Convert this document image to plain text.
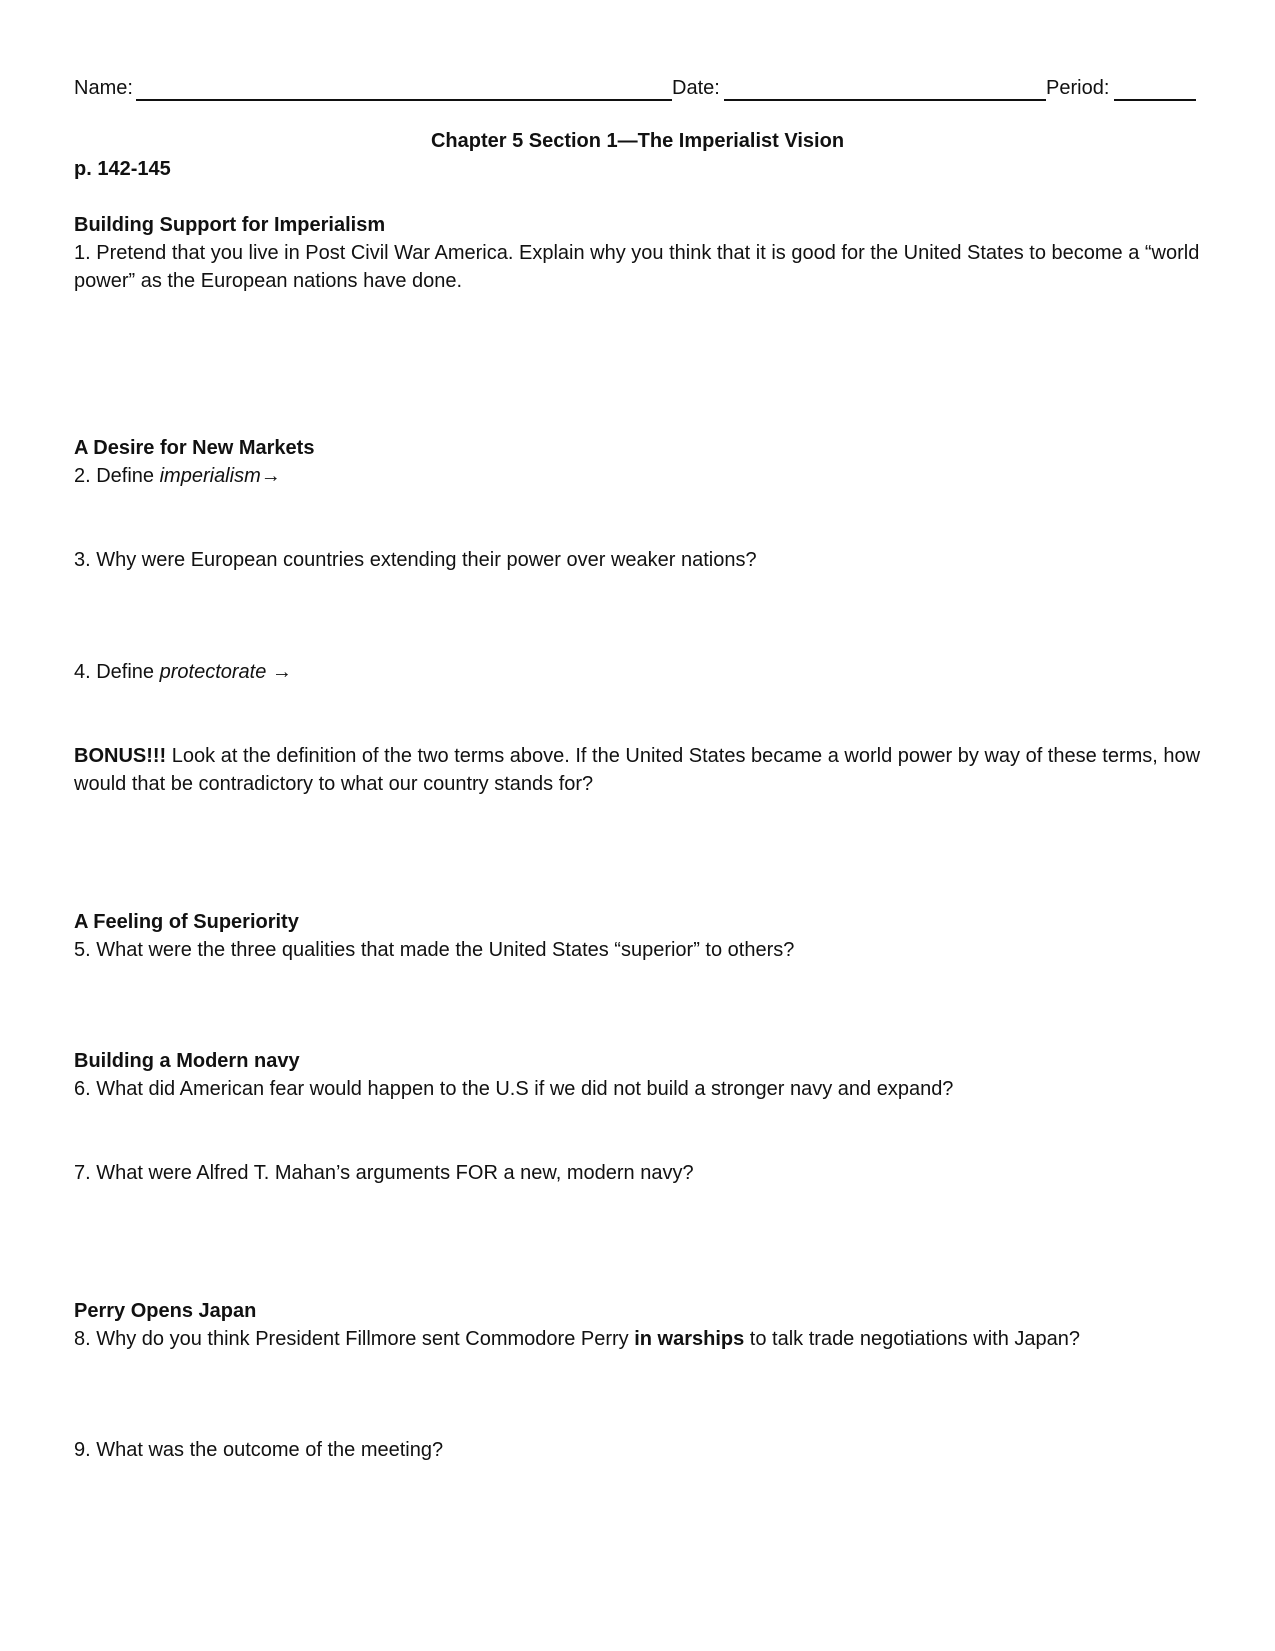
Name:	Date:	Period:
Chapter 5 Section 1—The Imperialist Vision
p. 142-145
Building Support for Imperialism
1. Pretend that you live in Post Civil War America. Explain why you think that it is good for the United States to become a “world power” as the European nations have done.
A Desire for New Markets
2. Define imperialism→
3. Why were European countries extending their power over weaker nations?
4. Define protectorate →
BONUS!!! Look at the definition of the two terms above. If the United States became a world power by way of these terms, how would that be contradictory to what our country stands for?
A Feeling of Superiority
5. What were the three qualities that made the United States “superior” to others?
Building a Modern navy
6. What did American fear would happen to the U.S if we did not build a stronger navy and expand?
7. What were Alfred T. Mahan’s arguments FOR a new, modern navy?
Perry Opens Japan
8. Why do you think President Fillmore sent Commodore Perry in warships to talk trade negotiations with Japan?
9. What was the outcome of the meeting?
